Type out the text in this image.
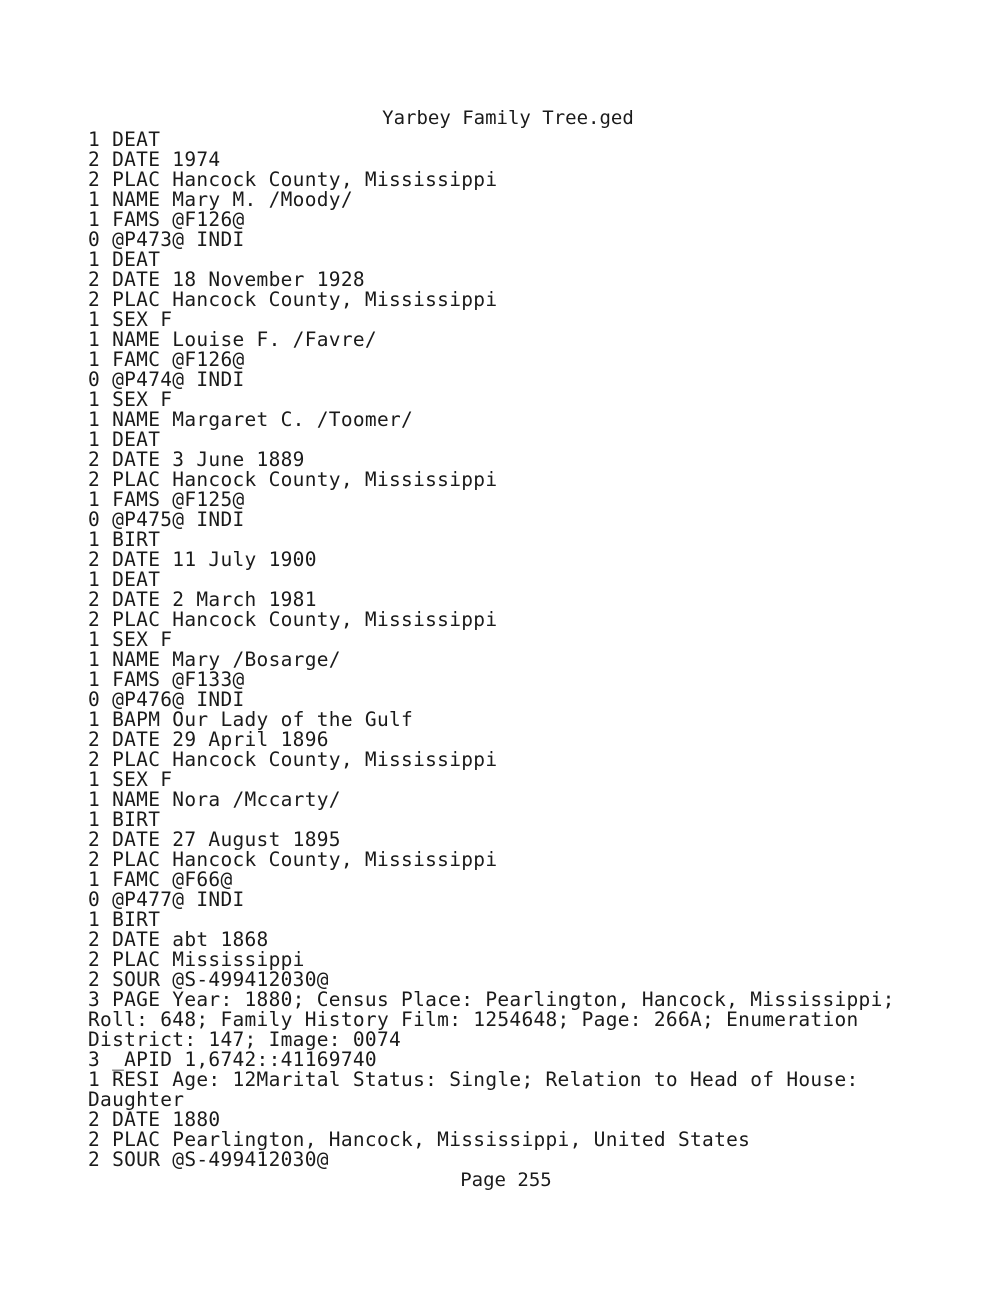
Yarbey Family Tree.ged
1 DEAT
2 DATE 1974
2 PLAC Hancock County, Mississippi
1 NAME Mary M. /Moody/
1 FAMS @F126@
0 @P473@ INDI
1 DEAT
2 DATE 18 November 1928
2 PLAC Hancock County, Mississippi
1 SEX F
1 NAME Louise F. /Favre/
1 FAMC @F126@
0 @P474@ INDI
1 SEX F
1 NAME Margaret C. /Toomer/
1 DEAT
2 DATE 3 June 1889
2 PLAC Hancock County, Mississippi
1 FAMS @F125@
0 @P475@ INDI
1 BIRT
2 DATE 11 July 1900
1 DEAT
2 DATE 2 March 1981
2 PLAC Hancock County, Mississippi
1 SEX F
1 NAME Mary /Bosarge/
1 FAMS @F133@
0 @P476@ INDI
1 BAPM Our Lady of the Gulf
2 DATE 29 April 1896
2 PLAC Hancock County, Mississippi
1 SEX F
1 NAME Nora /Mccarty/
1 BIRT
2 DATE 27 August 1895
2 PLAC Hancock County, Mississippi
1 FAMC @F66@
0 @P477@ INDI
1 BIRT
2 DATE abt 1868
2 PLAC Mississippi
2 SOUR @S-499412030@
3 PAGE Year: 1880; Census Place: Pearlington, Hancock, Mississippi;
Roll: 648; Family History Film: 1254648; Page: 266A; Enumeration
District: 147; Image: 0074
3 _APID 1,6742::41169740
1 RESI Age: 12Marital Status: Single; Relation to Head of House:
Daughter
2 DATE 1880
2 PLAC Pearlington, Hancock, Mississippi, United States
2 SOUR @S-499412030@
Page 255
